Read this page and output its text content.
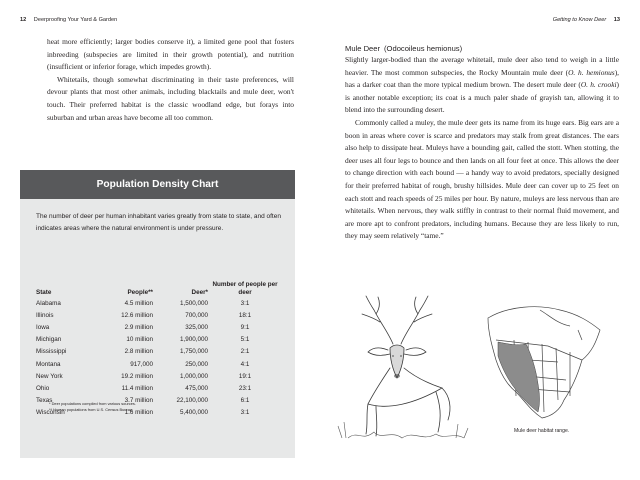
12 Deerproofing Your Yard & Garden	Getting to Know Deer 13

heat more efficiently; larger bodies conserve it), a limited gene pool that fosters inbreeding (subspecies are limited in their growth potential), and nutrition (insufficient or inferior forage, which impedes growth).

Whitetails, though somewhat discriminating in their taste preferences, will devour plants that most other animals, including blacktails and mule deer, won't touch. Their preferred habitat is the classic woodland edge, but forays into suburban and urban areas have become all too common.

Population Density Chart
The number of deer per human inhabitant varies greatly from state to state, and often indicates areas where the natural environment is under pressure.
State	People**	Deer*	Number of people per deer
Alabama	4.5 million	1,500,000	3:1
Illinois	12.6 million	700,000	18:1
Iowa	2.9 million	325,000	9:1
Michigan	10 million	1,900,000	5:1
Mississippi	2.8 million	1,750,000	2:1
Montana	917,000	250,000	4:1
New York	19.2 million	1,000,000	19:1
Ohio	11.4 million	475,000	23:1
Texas	3.7 million	22,100,000	6:1
Wisconsin	1.6 million	5,400,000	3:1
* Deer populations compiled from various sources.
** Human populations from U.S. Census Bureau.
Mule Deer (Odocoileus hemionus)

Slightly larger-bodied than the average whitetail, mule deer also tend to weigh in a little heavier. The most common subspecies, the Rocky Mountain mule deer (O. h. hemionus), has a darker coat than the more typical medium brown. The desert mule deer (O. h. crooki) is another notable exception; its coat is a much paler shade of grayish tan, allowing it to blend into the surrounding desert.

Commonly called a muley, the mule deer gets its name from its huge ears. Big ears are a boon in areas where cover is scarce and predators may stalk from great distances. The ears also help to dissipate heat. Muleys have a bounding gait, called the stott. When stotting, the deer uses all four legs to bounce and then lands on all four feet at once. This allows the deer to change direction with each bound — a handy way to avoid predators, specially designed for their preferred habitat of rough, brushy hillsides. Mule deer can cover up to 25 feet on each stott and reach speeds of 25 miles per hour. By nature, muleys are less nervous than are whitetails. When nervous, they walk stiffly in contrast to their normal fluid movement, and are more apt to confront predators, including humans. Because they are less likely to run, they may seem relatively “tame.”

Mule deer habitat range.
